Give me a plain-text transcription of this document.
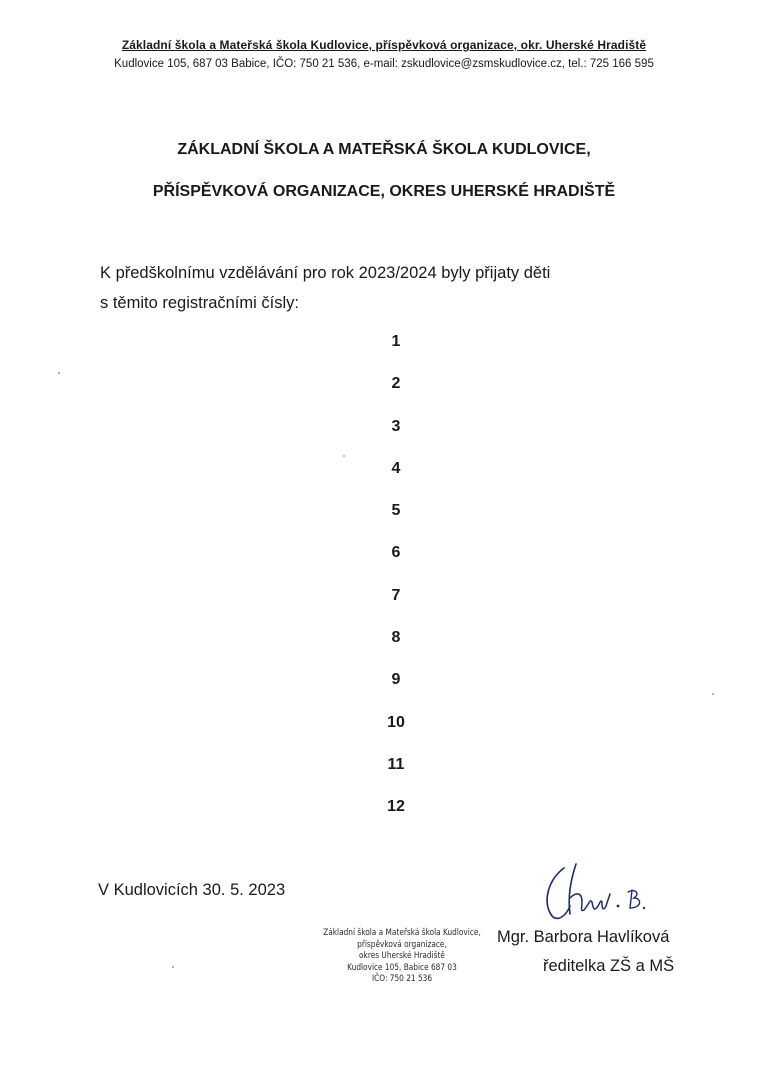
Základní škola a Mateřská škola Kudlovice, příspěvková organizace, okr. Uherské Hradiště
Kudlovice 105, 687 03 Babice, IČO: 750 21 536, e-mail: zskudlovice@zsmskudlovice.cz, tel.: 725 166 595
ZÁKLADNÍ ŠKOLA A MATEŘSKÁ ŠKOLA KUDLOVICE,
PŘÍSPĚVKOVÁ ORGANIZACE, OKRES UHERSKÉ HRADIŠTĚ
K předškolnímu vzdělávání pro rok 2023/2024 byly přijaty děti
s těmito registračními čísly:
1
2
3
4
5
6
7
8
9
10
11
12
V Kudlovicích 30. 5. 2023
Základní škola a Mateřská škola Kudlovice,
příspěvková organizace,
okres Uherské Hradiště
Kudlovice 105, Babice 687 03
IČO: 750 21 536
Mgr. Barbora Havlíková
ředitelka ZŠ a MŠ
